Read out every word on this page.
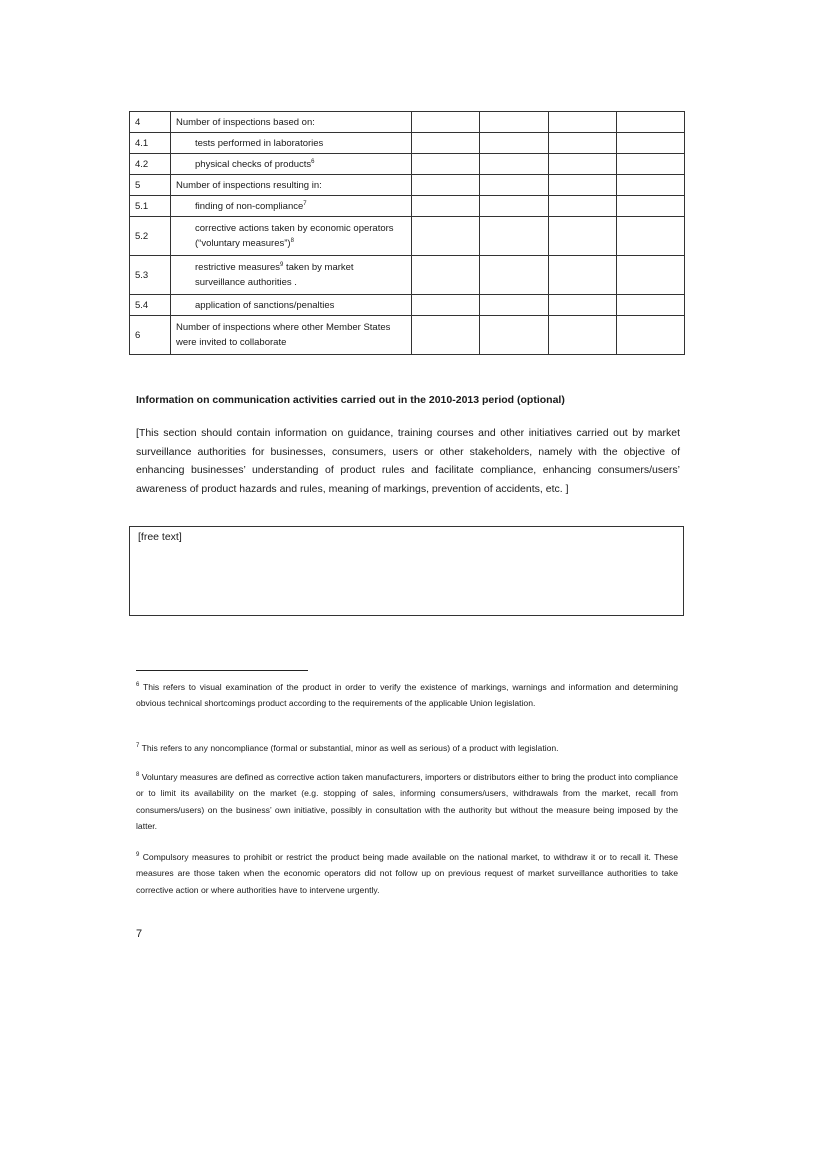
4	Number of inspections based on:				
4.1	tests performed in laboratories				
4.2	physical checks of products$^6$				
5	Number of inspections resulting in:				
5.1	finding of non-compliance$^7$				
5.2	corrective actions taken by economic operators (“voluntary measures”)$^8$				
5.3	restrictive measures$^9$ taken by market surveillance authorities .				
5.4	application of sanctions/penalties				
6	Number of inspections where other Member States were invited to collaborate				
Information on communication activities carried out in the 2010-2013 period (optional)
[This section should contain information on guidance, training courses and other initiatives carried out by market surveillance authorities for businesses, consumers, users or other stakeholders, namely with the objective of enhancing businesses’ understanding of product rules and facilitate compliance, enhancing consumers/users’ awareness of product hazards and rules, meaning of markings, prevention of accidents, etc. ]
[free text]
$^6$ This refers to visual examination of the product in order to verify the existence of markings, warnings and information and determining obvious technical shortcomings product according to the requirements of the applicable Union legislation.
$^7$ This refers to any noncompliance (formal or substantial, minor as well as serious) of a product with legislation.
$^8$ Voluntary measures are defined as corrective action taken manufacturers, importers or distributors either to bring the product into compliance or to limit its availability on the market (e.g. stopping of sales, informing consumers/users, withdrawals from the market, recall from consumers/users) on the business’ own initiative, possibly in consultation with the authority but without the measure being imposed by the latter.
$^9$ Compulsory measures to prohibit or restrict the product being made available on the national market, to withdraw it or to recall it. These measures are those taken when the economic operators did not follow up on previous request of market surveillance authorities to take corrective action or where authorities have to intervene urgently.
7
